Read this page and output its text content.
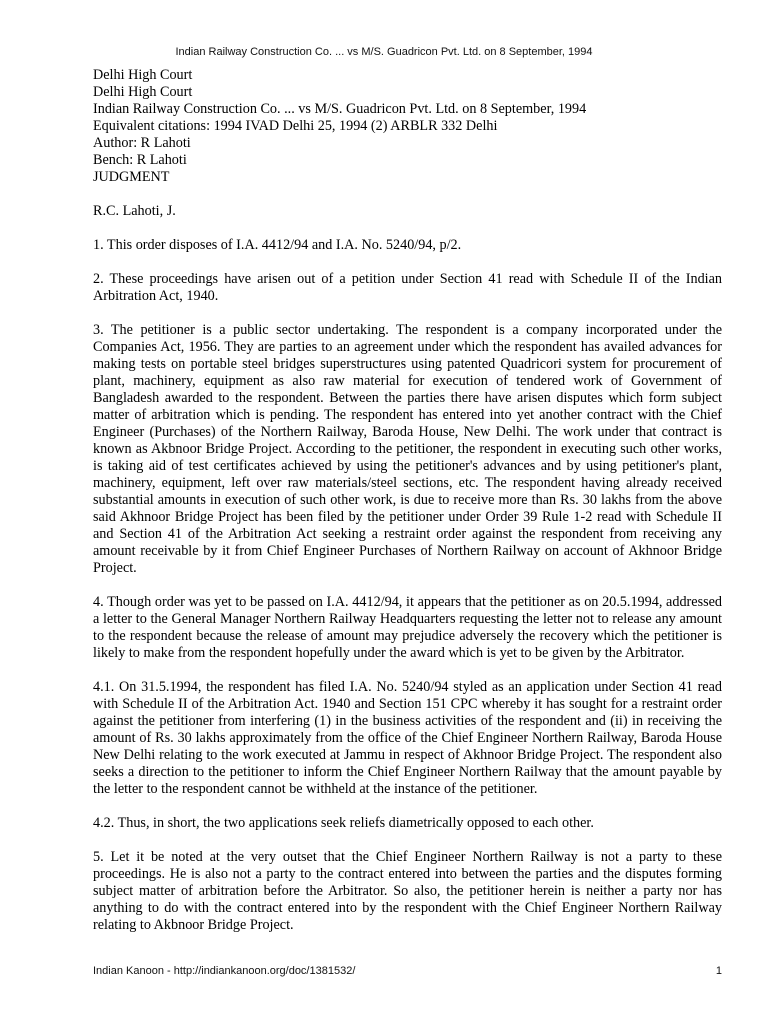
Indian Railway Construction Co. ... vs M/S. Guadricon Pvt. Ltd. on 8 September, 1994

Delhi High Court

Delhi High Court

Indian Railway Construction Co. ... vs M/S. Guadricon Pvt. Ltd. on 8 September, 1994

Equivalent citations: 1994 IVAD Delhi 25, 1994 (2) ARBLR 332 Delhi

Author: R Lahoti

Bench: R Lahoti

JUDGMENT

R.C. Lahoti, J.

1. This order disposes of I.A. 4412/94 and I.A. No. 5240/94, p/2.

2. These proceedings have arisen out of a petition under Section 41 read with Schedule II of the Indian Arbitration Act, 1940.

3. The petitioner is a public sector undertaking. The respondent is a company incorporated under the Companies Act, 1956. They are parties to an agreement under which the respondent has availed advances for making tests on portable steel bridges superstructures using patented Quadricori system for procurement of plant, machinery, equipment as also raw material for execution of tendered work of Government of Bangladesh awarded to the respondent. Between the parties there have arisen disputes which form subject matter of arbitration which is pending. The respondent has entered into yet another contract with the Chief Engineer (Purchases) of the Northern Railway, Baroda House, New Delhi. The work under that contract is known as Akbnoor Bridge Project. According to the petitioner, the respondent in executing such other works, is taking aid of test certificates achieved by using the petitioner's advances and by using petitioner's plant, machinery, equipment, left over raw materials/steel sections, etc. The respondent having already received substantial amounts in execution of such other work, is due to receive more than Rs. 30 lakhs from the above said Akhnoor Bridge Project has been filed by the petitioner under Order 39 Rule 1-2 read with Schedule II and Section 41 of the Arbitration Act seeking a restraint order against the respondent from receiving any amount receivable by it from Chief Engineer Purchases of Northern Railway on account of Akhnoor Bridge Project.

4. Though order was yet to be passed on I.A. 4412/94, it appears that the petitioner as on 20.5.1994, addressed a letter to the General Manager Northern Railway Headquarters requesting the letter not to release any amount to the respondent because the release of amount may prejudice adversely the recovery which the petitioner is likely to make from the respondent hopefully under the award which is yet to be given by the Arbitrator.

4.1. On 31.5.1994, the respondent has filed I.A. No. 5240/94 styled as an application under Section 41 read with Schedule II of the Arbitration Act. 1940 and Section 151 CPC whereby it has sought for a restraint order against the petitioner from interfering (1) in the business activities of the respondent and (ii) in receiving the amount of Rs. 30 lakhs approximately from the office of the Chief Engineer Northern Railway, Baroda House New Delhi relating to the work executed at Jammu in respect of Akhnoor Bridge Project. The respondent also seeks a direction to the petitioner to inform the Chief Engineer Northern Railway that the amount payable by the letter to the respondent cannot be withheld at the instance of the petitioner.

4.2. Thus, in short, the two applications seek reliefs diametrically opposed to each other.

5. Let it be noted at the very outset that the Chief Engineer Northern Railway is not a party to these proceedings. He is also not a party to the contract entered into between the parties and the disputes forming subject matter of arbitration before the Arbitrator. So also, the petitioner herein is neither a party nor has anything to do with the contract entered into by the respondent with the Chief Engineer Northern Railway relating to Akbnoor Bridge Project.

Indian Kanoon - http://indiankanoon.org/doc/1381532/	1
